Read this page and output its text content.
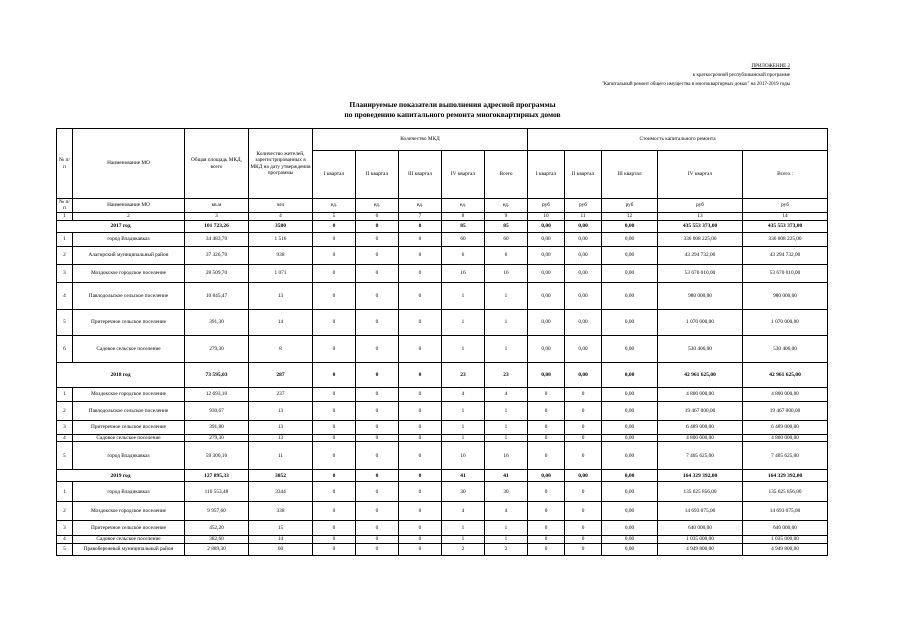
ПРИЛОЖЕНИЕ 2
к краткосрочной республиканской программе
"Капитальный ремонт общего имущества в многоквартирных домах" на 2017-2019 годы
Планируемые показатели выполнения адресной программы
по проведению капитального ремонта многоквартирных домов
№ п/п	Наименование МО	Общая площадь МКД, всего	Количество жителей, зарегистрированных в МКД на дату утверждения программы	Количество МКД					Стоимость капитального ремонта				
				I квартал	II квартал	III квартал	IV квартал	Всего	I квартал	II квартал	III квартал	IV квартал	Всего :
№ п/п	Наименование МО	кв.м	чел	ед.	ед.	ед.	ед.	ед.	руб	руб	руб	руб	руб
1	2	3	4	5	6	7	8	9	10	11	12	13	14
2017 год		101 723,26	3580	0	0	0	85	85	0,00	0,00	0,00	435 553 373,00	435 553 373,00
1	город Владикавказ	34 483,70	1 516	0	0	0	60	60	0,00	0,00	0,00	336 008 225,00	336 008 225,00
2	Алагирский муниципальный район	37 326,70	938	0	0	0	6	6	0,00	0,00	0,00	43 294 732,00	43 294 732,00
3	Моздокское городское поселение	28 509,70	1 071	0	0	0	16	16	0,00	0,00	0,00	53 670 010,00	53 670 010,00
4	Павлодольское сельское поселение	10 845,47	13	0	0	0	1	1	0,00	0,00	0,00	980 000,00	980 000,00
5	Притеречное сельское поселение	391,30	14	0	0	0	1	1	0,00	0,00	0,00	1 070 000,00	1 070 000,00
6	Садовое сельское поселение	279,30	8	0	0	0	1	1	0,00	0,00	0,00	530 406,00	530 406,00
2018 год		73 595,03	287	0	0	0	23	23	0,00	0,00	0,00	42 961 625,00	42 961 625,00
1	Моздокское городское поселение	12 693,10	237	0	0	0	4	4	0	0	0,00	4 800 000,00	4 800 000,00
2	Павлодольское сельское поселение	930,67	13	0	0	0	1	1	0	0	0,00	19 467 000,00	19 467 000,00
3	Притеречное сельское поселение	391,80	13	0	0	0	1	1	0	0	0,00	6 489 000,00	6 489 000,00
4	Садовое сельское поселение	279,30	13	0	0	0	1	1	0	0	0,00	4 800 000,00	4 800 000,00
5	город Владикавказ	59 300,16	11	0	0	0	16	16	0	0	0,00	7 405 625,00	7 405 625,00
2019 год		127 895,33	3852	0	0	0	41	41	0,00	0,00	0,00	164 329 392,00	164 329 392,00
1	город Владикавказ	110 553,48	3344	0	0	0	30	30	0	0	0,00	135 625 856,00	135 625 856,00
2	Моздокское городское поселение	9 957,60	338	0	0	0	4	4	0	0	0,00	14 693 075,00	14 693 075,00
3	Притеречное сельское поселение	452,20	15	0	0	0	1	1	0	0	0,00	640 000,00	640 000,00
4	Садовое сельское поселение	382,60	14	0	0	0	1	1	0	0	0,00	1 035 000,00	1 035 000,00
5	Правобережный муниципальный район	2 889,30	60	0	0	0	2	2	0	0	0,00	4 949 800,00	4 949 800,00
